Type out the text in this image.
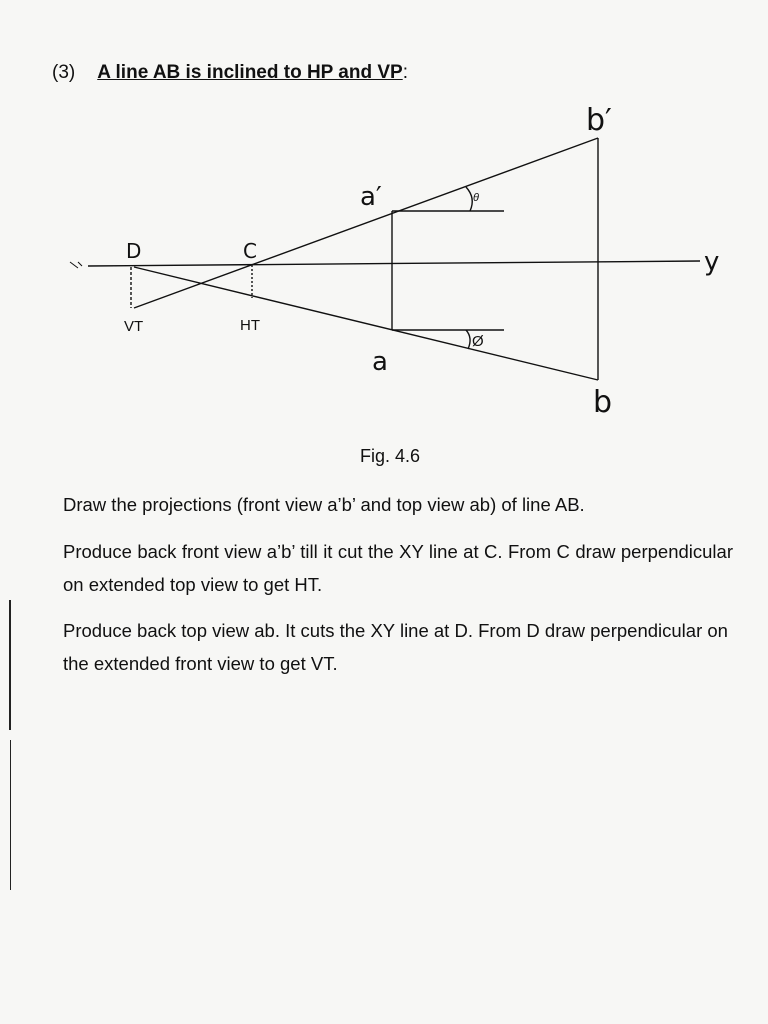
(3) A line AB is inclined to HP and VP:
b′
a′
y
D	C
VT	HT
a
b
θ
Ø
Fig. 4.6

Draw the projections (front view a’b’ and top view ab) of line AB.

Produce back front view a’b’ till it cut the XY line at C. From C draw perpendicular on extended top view to get HT.

Produce back top view ab. It cuts the XY line at D. From D draw perpendicular on the extended front view to get VT.
